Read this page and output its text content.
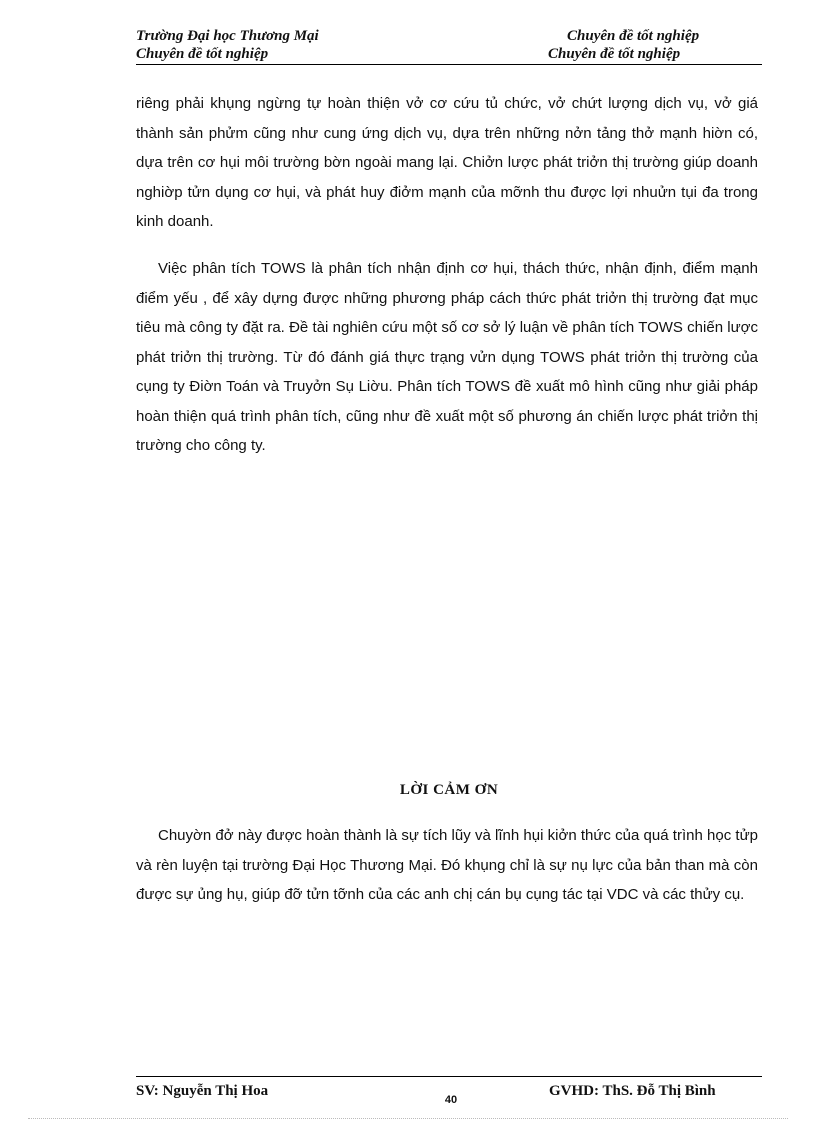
Trường Đại học Thương Mại
Chuyên đề tốt nghiệp
Chuyên đề tốt nghiệp
Chuyên đề tốt nghiệp

riêng phải khụng ngừng tự hoàn thiện vở cơ cứu tủ chức, vở chứt lượng dịch vụ, vở giá thành sản phửm cũng như cung ứng dịch vụ, dựa trên những nởn tảng thở mạnh hiờn có, dựa trên cơ hụi môi trường bờn ngoài mang lại. Chiởn lược phát triởn thị trường giúp doanh nghiờp tửn dụng cơ hụi, và phát huy điởm mạnh của mỡnh thu được lợi nhuửn tụi đa trong kinh doanh.

Việc phân tích TOWS là phân tích nhận định cơ hụi, thách thức, nhận định, điểm mạnh điểm yếu , để xây dựng được những phương pháp cách thức phát triởn thị trường đạt mục tiêu mà công ty đặt ra. Đề tài nghiên cứu một số cơ sở lý luận về phân tích TOWS chiến lược phát triởn thị trường. Từ đó đánh giá thực trạng vửn dụng TOWS phát triởn thị trường của cụng ty Điờn Toán và Truyởn Sụ Liờu. Phân tích TOWS đề xuất mô hình cũng như giải pháp hoàn thiện quá trình phân tích, cũng như đề xuất một số phương án chiến lược phát triởn thị trường cho công ty.

LỜI CẢM ƠN

Chuyờn đở này được hoàn thành là sự tích lũy và lĩnh hụi kiởn thức của quá trình học tửp và rèn luyện tại trường Đại Học Thương Mại. Đó khụng chỉ là sự nụ lực của bản than mà còn được sự ủng hụ, giúp đỡ tửn tỡnh của các anh chị cán bụ cụng tác tại VDC và các thửy cụ.

SV: Nguyễn Thị Hoa
40
GVHD: ThS. Đỗ Thị Bình
